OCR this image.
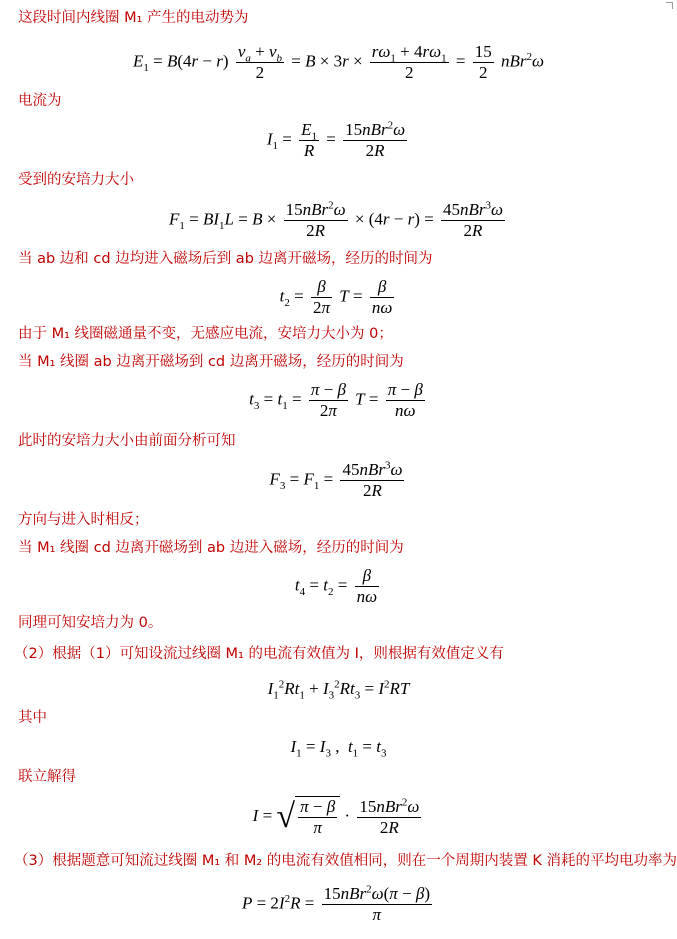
这段时间内线圈 M₁ 产生的电动势为
$E_1 = B(4r - r) \frac{v_a + v_b}{2} = B \times 3r \times \frac{r\omega_1 + 4r\omega_1}{2} = \frac{15}{2} nBr^2\omega$
电流为
$I_1 = \frac{E_1}{R} = \frac{15nBr^2\omega}{2R}$
受到的安培力大小
$F_1 = BI_1L = B \times \frac{15nBr^2\omega}{2R} \times (4r - r) = \frac{45nBr^3\omega}{2R}$
当 ab 边和 cd 边均进入磁场后到 ab 边离开磁场，经历的时间为
$t_2 = \frac{\beta}{2\pi}$ $T = \frac{\beta}{n\omega}$
由于 M₁ 线圈磁通量不变，无感应电流，安培力大小为 0；
当 M₁ 线圈 ab 边离开磁场到 cd 边离开磁场，经历的时间为
$t_3 = t_1 = \frac{\pi - \beta}{2\pi}$ $T = \frac{\pi - \beta}{n\omega}$
此时的安培力大小由前面分析可知
$F_3 = F_1 = \frac{45nBr^3\omega}{2R}$
方向与进入时相反；
当 M₁ 线圈 cd 边离开磁场到 ab 边进入磁场，经历的时间为
$t_4 = t_2 = \frac{\beta}{n\omega}$
同理可知安培力为 0。
（2）根据（1）可知设流过线圈 M₁ 的电流有效值为 I，则根据有效值定义有
$I_1^2Rt_1 + I_3^2Rt_3 = I^2RT$
其中
$I_1 = I_3$ ,  $t_1 = t_3$
联立解得
I = √ $\frac{\pi - \beta}{\pi} \cdot \frac{15nBr^2\omega}{2R}$
（3）根据题意可知流过线圈 M₁ 和 M₂ 的电流有效值相同，则在一个周期内装置 K 消耗的平均电功率为
$P = 2I^2R = \frac{15nBr^2\omega(\pi - \beta)}{\pi}$
